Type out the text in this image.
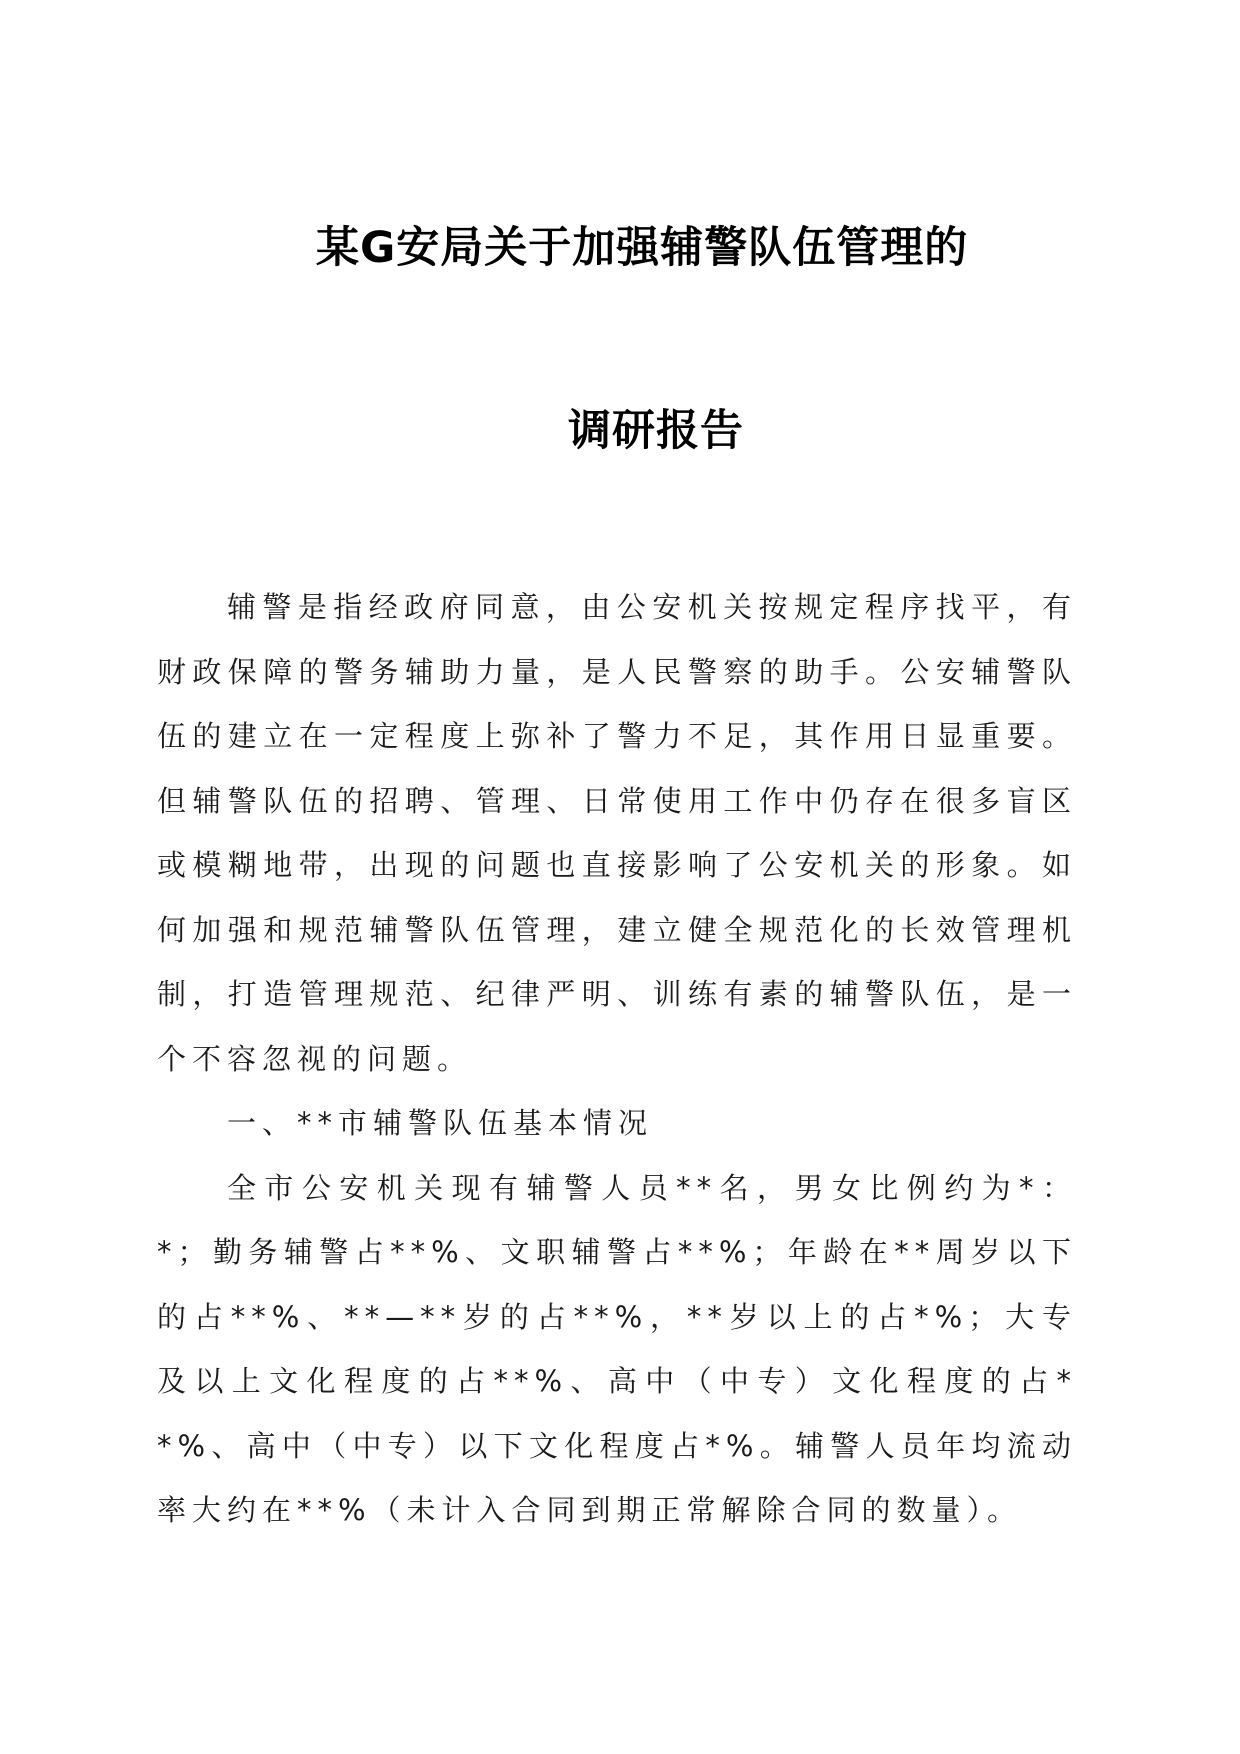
某G安局关于加强辅警队伍管理的
调研报告

辅警是指经政府同意，由公安机关按规定程序找平，有财政保障的警务辅助力量，是人民警察的助手。公安辅警队伍的建立在一定程度上弥补了警力不足，其作用日显重要。但辅警队伍的招聘、管理、日常使用工作中仍存在很多盲区或模糊地带，出现的问题也直接影响了公安机关的形象。如何加强和规范辅警队伍管理，建立健全规范化的长效管理机制，打造管理规范、纪律严明、训练有素的辅警队伍，是一个不容忽视的问题。

一、**市辅警队伍基本情况

全市公安机关现有辅警人员**名，男女比例约为*：*；勤务辅警占**%、文职辅警占**%；年龄在**周岁以下的占**%、**—**岁的占**%，**岁以上的占*%；大专及以上文化程度的占**%、高中（中专）文化程度的占**%、高中（中专）以下文化程度占*%。辅警人员年均流动率大约在**%（未计入合同到期正常解除合同的数量）。
